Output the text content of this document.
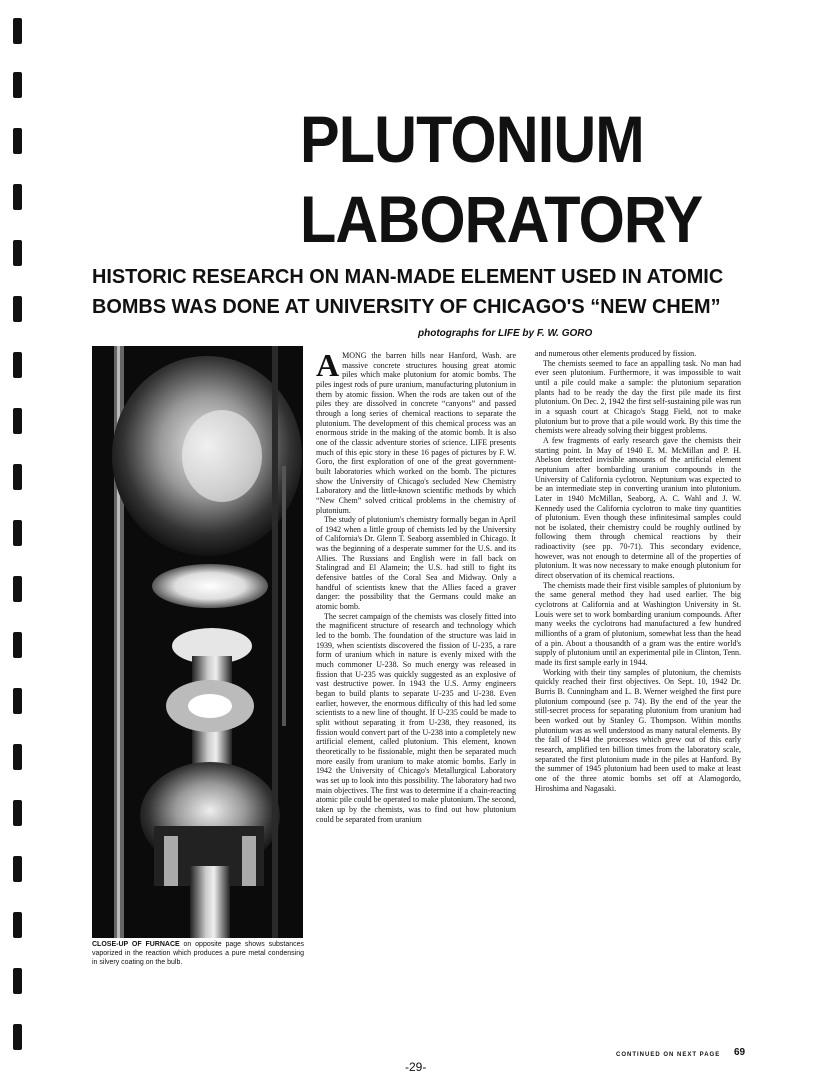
PLUTONIUM
LABORATORY
HISTORIC RESEARCH ON MAN-MADE ELEMENT USED IN ATOMIC
BOMBS WAS DONE AT UNIVERSITY OF CHICAGO'S “NEW CHEM”
photographs for LIFE by F. W. GORO
CLOSE-UP OF FURNACE on opposite page shows substances vaporized in the reaction which produces a pure metal condensing in silvery coating on the bulb.
A MONG the barren hills near Hanford, Wash. are massive concrete structures housing great atomic piles which make plutonium for atomic bombs. The piles ingest rods of pure uranium, manufacturing plutonium in them by atomic fission. When the rods are taken out of the piles they are dissolved in concrete “canyons” and passed through a long series of chemical reactions to separate the plutonium. The development of this chemical process was an enormous stride in the making of the atomic bomb. It is also one of the classic adventure stories of science. LIFE presents much of this epic story in these 16 pages of pictures by F. W. Goro, the first exploration of one of the great government-built laboratories which worked on the bomb. The pictures show the University of Chicago's secluded New Chemistry Laboratory and the little-known scientific methods by which “New Chem” solved critical problems in the chemistry of plutonium.

The study of plutonium's chemistry formally began in April of 1942 when a little group of chemists led by the University of California's Dr. Glenn T. Seaborg assembled in Chicago. It was the beginning of a desperate summer for the U.S. and its Allies. The Russians and English were in fall back on Stalingrad and El Alamein; the U.S. had still to fight its defensive battles of the Coral Sea and Midway. Only a handful of scientists knew that the Allies faced a graver danger: the possibility that the Germans could make an atomic bomb.

The secret campaign of the chemists was closely fitted into the magnificent structure of research and technology which led to the bomb. The foundation of the structure was laid in 1939, when scientists discovered the fission of U-235, a rare form of uranium which in nature is evenly mixed with the much commoner U-238. So much energy was released in fission that U-235 was quickly suggested as an explosive of vast destructive power. In 1943 the U.S. Army engineers began to build plants to separate U-235 and U-238. Even earlier, however, the enormous difficulty of this had led some scientists to a new line of thought. If U-235 could be made to split without separating it from U-238, they reasoned, its fission would convert part of the U-238 into a completely new artificial element, called plutonium. This element, known theoretically to be fissionable, might then be separated much more easily from uranium to make atomic bombs. Early in 1942 the University of Chicago's Metallurgical Laboratory was set up to look into this possibility. The laboratory had two main objectives. The first was to determine if a chain-reacting atomic pile could be operated to make plutonium. The second, taken up by the chemists, was to find out how plutonium could be separated from uranium

and numerous other elements produced by fission.

The chemists seemed to face an appalling task. No man had ever seen plutonium. Furthermore, it was impossible to wait until a pile could make a sample: the plutonium separation plants had to be ready the day the first pile made its first plutonium. On Dec. 2, 1942 the first self-sustaining pile was run in a squash court at Chicago's Stagg Field, not to make plutonium but to prove that a pile would work. By this time the chemists were already solving their biggest problems.

A few fragments of early research gave the chemists their starting point. In May of 1940 E. M. McMillan and P. H. Abelson detected invisible amounts of the artificial element neptunium after bombarding uranium compounds in the University of California cyclotron. Neptunium was expected to be an intermediate step in converting uranium into plutonium. Later in 1940 McMillan, Seaborg, A. C. Wahl and J. W. Kennedy used the California cyclotron to make tiny quantities of plutonium. Even though these infinitesimal samples could not be isolated, their chemistry could be roughly outlined by following them through chemical reactions by their radioactivity (see pp. 70-71). This secondary evidence, however, was not enough to determine all of the properties of plutonium. It was now necessary to make enough plutonium for direct observation of its chemical reactions.

The chemists made their first visible samples of plutonium by the same general method they had used earlier. The big cyclotrons at California and at Washington University in St. Louis were set to work bombarding uranium compounds. After many weeks the cyclotrons had manufactured a few hundred millionths of a gram of plutonium, somewhat less than the head of a pin. About a thousandth of a gram was the entire world's supply of plutonium until an experimental pile in Clinton, Tenn. made its first sample early in 1944.

Working with their tiny samples of plutonium, the chemists quickly reached their first objectives. On Sept. 10, 1942 Dr. Burris B. Cunningham and L. B. Werner weighed the first pure plutonium compound (see p. 74). By the end of the year the still-secret process for separating plutonium from uranium had been worked out by Stanley G. Thompson. Within months plutonium was as well understood as many natural elements. By the fall of 1944 the processes which grew out of this early research, amplified ten billion times from the laboratory scale, separated the first plutonium made in the piles at Hanford. By the summer of 1945 plutonium had been used to make at least one of the three atomic bombs set off at Alamogordo, Hiroshima and Nagasaki.

CONTINUED ON NEXT PAGE 69
-29-
